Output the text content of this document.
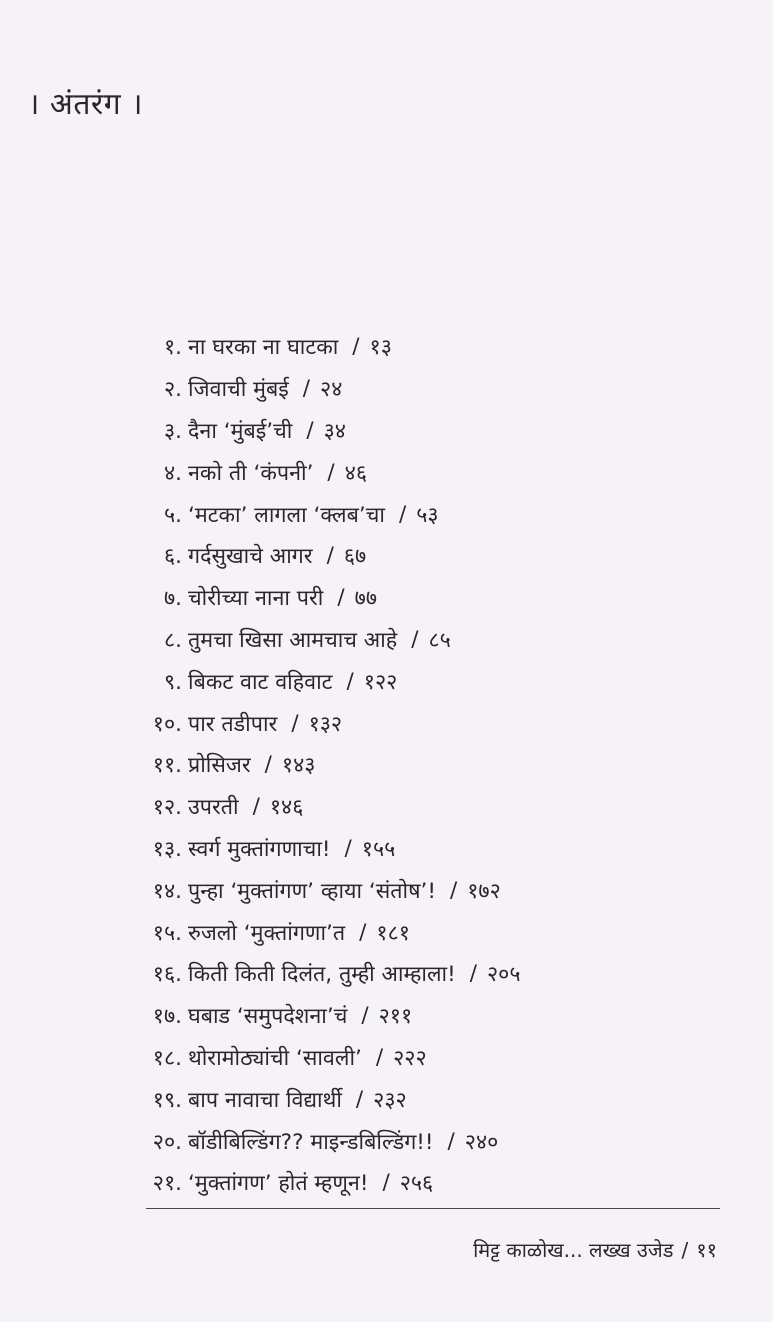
। अंतरंग ।
१. ना घरका ना घाटका / १३
२. जिवाची मुंबई / २४
३. दैना ‘मुंबई’ची / ३४
४. नको ती ‘कंपनी’ / ४६
५. ‘मटका’ लागला ‘क्लब’चा / ५३
६. गर्दसुखाचे आगर / ६७
७. चोरीच्या नाना परी / ७७
८. तुमचा खिसा आमचाच आहे / ८५
९. बिकट वाट वहिवाट / १२२
१०. पार तडीपार / १३२
११. प्रोसिजर / १४३
१२. उपरती / १४६
१३. स्वर्ग मुक्तांगणाचा! / १५५
१४. पुन्हा ‘मुक्तांगण’ व्हाया ‘संतोष’! / १७२
१५. रुजलो ‘मुक्तांगणा’त / १८१
१६. किती किती दिलंत, तुम्ही आम्हाला! / २०५
१७. घबाड ‘समुपदेशना’चं / २११
१८. थोरामोठ्यांची ‘सावली’ / २२२
१९. बाप नावाचा विद्यार्थी / २३२
२०. बॉडीबिल्डिंग?? माइन्डबिल्डिंग!! / २४०
२१. ‘मुक्तांगण’ होतं म्हणून! / २५६
मिट्ट काळोख... लख्ख उजेड / ११
